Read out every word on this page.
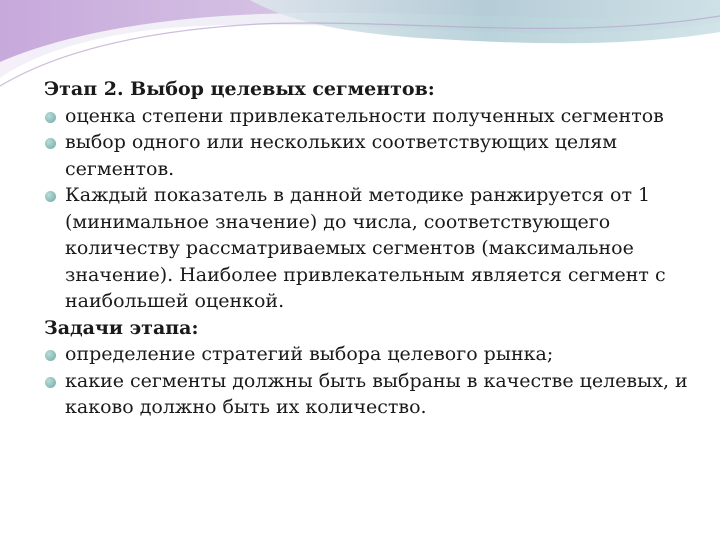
Этап 2. Выбор целевых сегментов:
оценка степени привлекательности полученных сегментов
выбор одного или нескольких соответствующих целям сегментов.
Каждый показатель в данной методике ранжируется от 1 (минимальное значение) до числа, соответствующего количеству рассматриваемых сегментов (максимальное значение). Наиболее привлекательным является сегмент с наибольшей оценкой.
Задачи этапа:
определение стратегий выбора целевого рынка;
какие сегменты должны быть выбраны в качестве целевых, и каково должно быть их количество.
